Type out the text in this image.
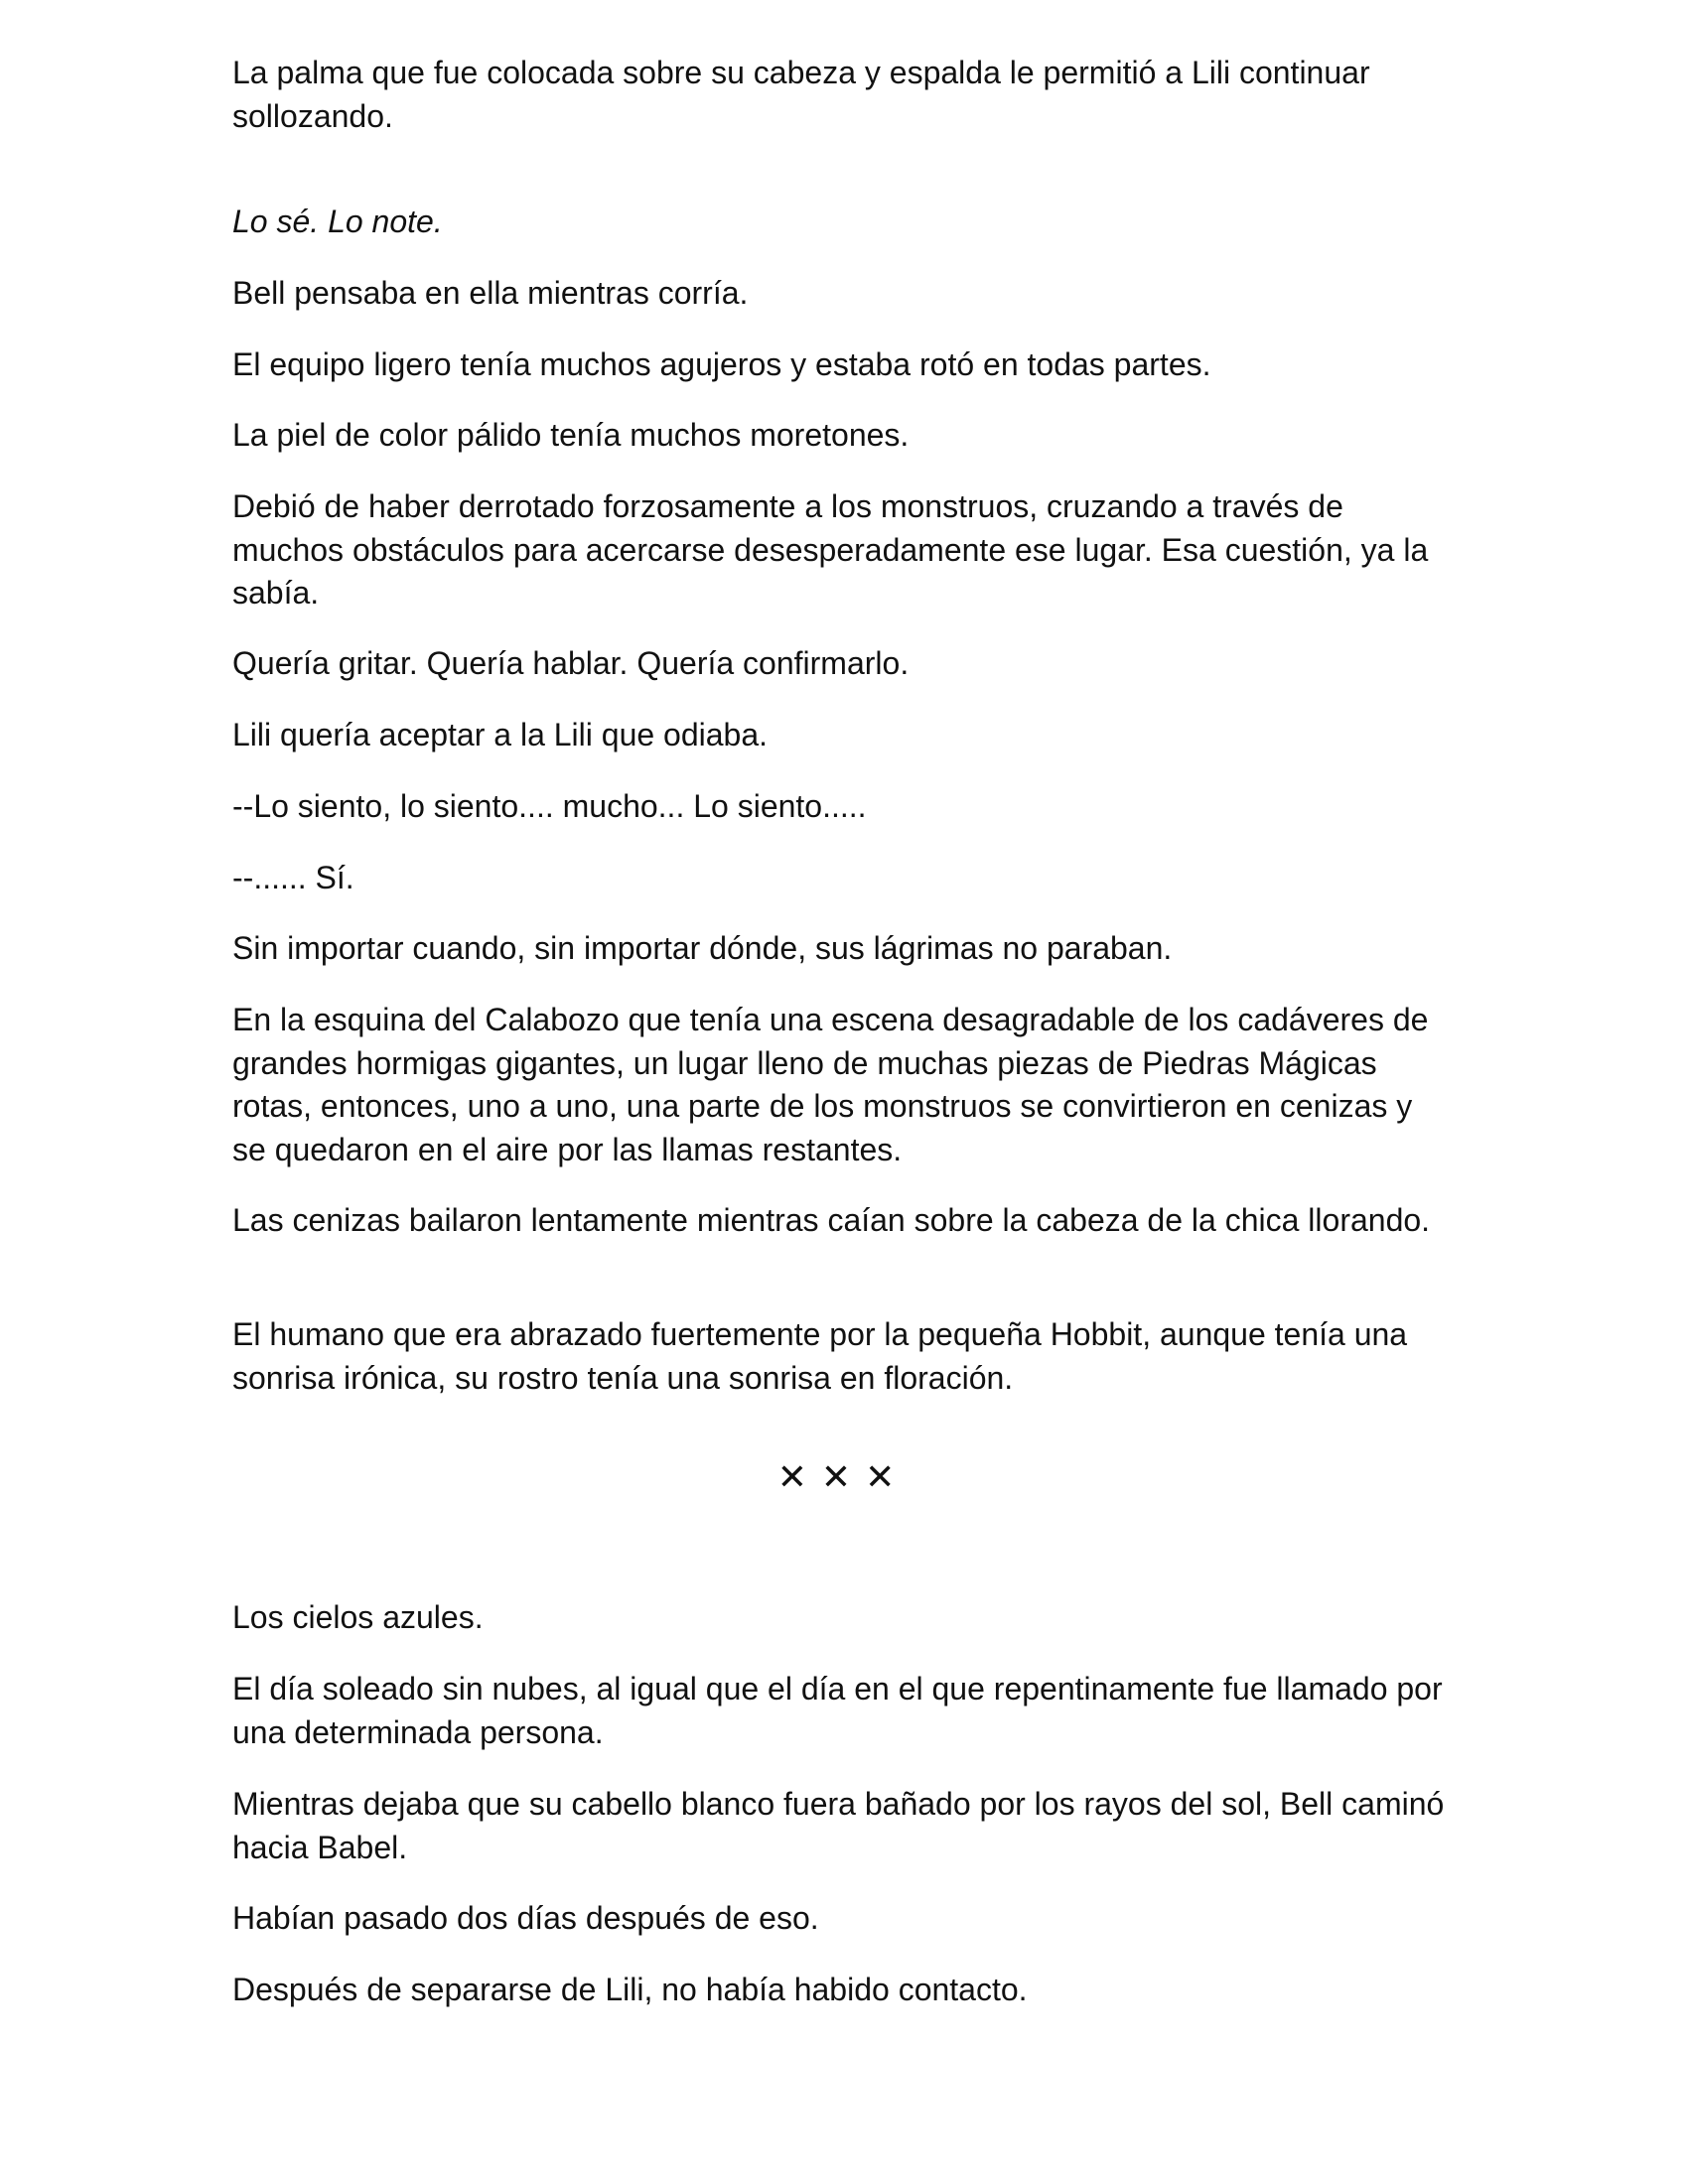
La palma que fue colocada sobre su cabeza y espalda le permitió a Lili continuar sollozando.

Lo sé. Lo note.

Bell pensaba en ella mientras corría.

El equipo ligero tenía muchos agujeros y estaba rotó en todas partes.

La piel de color pálido tenía muchos moretones.

Debió de haber derrotado forzosamente a los monstruos, cruzando a través de muchos obstáculos para acercarse desesperadamente ese lugar. Esa cuestión, ya la sabía.

Quería gritar. Quería hablar. Quería confirmarlo.

Lili quería aceptar a la Lili que odiaba.

--Lo siento, lo siento.... mucho... Lo siento.....

--...... Sí.

Sin importar cuando, sin importar dónde, sus lágrimas no paraban.

En la esquina del Calabozo que tenía una escena desagradable de los cadáveres de grandes hormigas gigantes, un lugar lleno de muchas piezas de Piedras Mágicas rotas, entonces, uno a uno, una parte de los monstruos se convirtieron en cenizas y se quedaron en el aire por las llamas restantes.

Las cenizas bailaron lentamente mientras caían sobre la cabeza de la chica llorando.

El humano que era abrazado fuertemente por la pequeña Hobbit, aunque tenía una sonrisa irónica, su rostro tenía una sonrisa en floración.

✕✕✕

Los cielos azules.

El día soleado sin nubes, al igual que el día en el que repentinamente fue llamado por una determinada persona.

Mientras dejaba que su cabello blanco fuera bañado por los rayos del sol, Bell caminó hacia Babel.

Habían pasado dos días después de eso.

Después de separarse de Lili, no había habido contacto.
